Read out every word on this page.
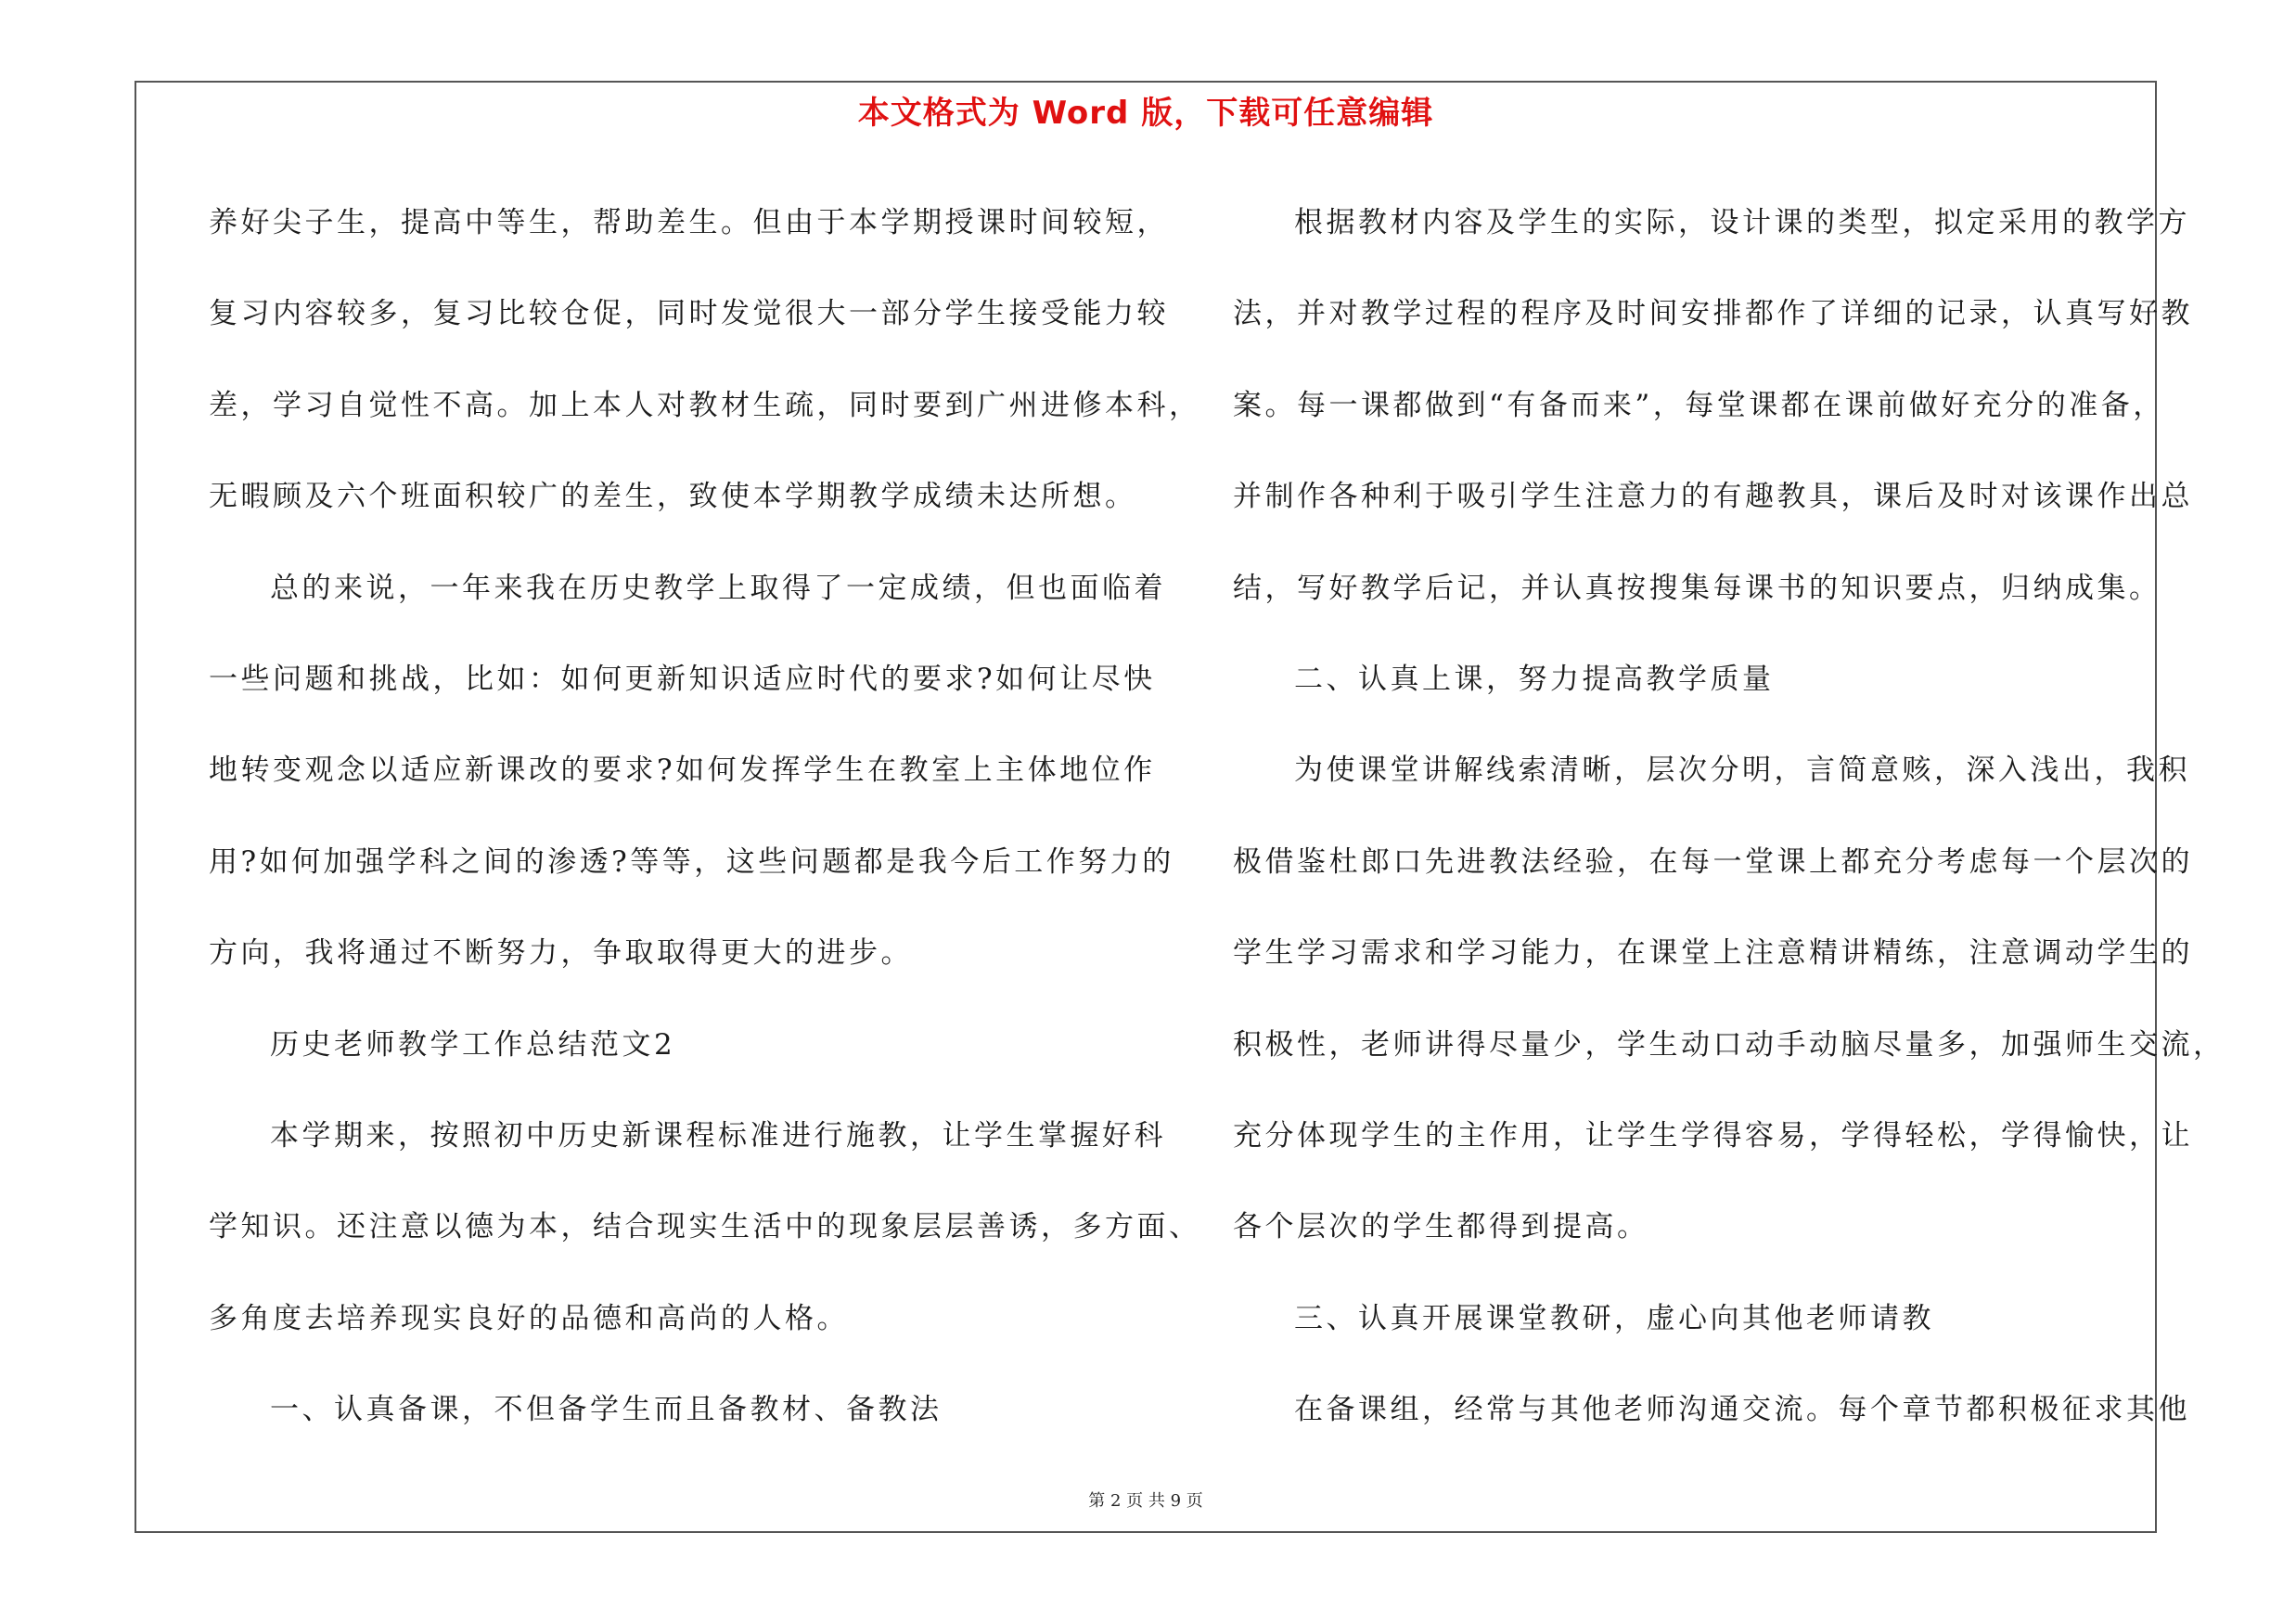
本文格式为 Word 版，下载可任意编辑
养好尖子生，提高中等生，帮助差生。但由于本学期授课时间较短，
复习内容较多，复习比较仓促，同时发觉很大一部分学生接受能力较
差，学习自觉性不高。加上本人对教材生疏，同时要到广州进修本科，
无暇顾及六个班面积较广的差生，致使本学期教学成绩未达所想。
总的来说，一年来我在历史教学上取得了一定成绩，但也面临着
一些问题和挑战，比如：如何更新知识适应时代的要求?如何让尽快
地转变观念以适应新课改的要求?如何发挥学生在教室上主体地位作
用?如何加强学科之间的渗透?等等，这些问题都是我今后工作努力的
方向，我将通过不断努力，争取取得更大的进步。
历史老师教学工作总结范文2
本学期来，按照初中历史新课程标准进行施教，让学生掌握好科
学知识。还注意以德为本，结合现实生活中的现象层层善诱，多方面、
多角度去培养现实良好的品德和高尚的人格。
一、认真备课，不但备学生而且备教材、备教法
根据教材内容及学生的实际，设计课的类型，拟定采用的教学方
法，并对教学过程的程序及时间安排都作了详细的记录，认真写好教
案。每一课都做到“有备而来”，每堂课都在课前做好充分的准备，
并制作各种利于吸引学生注意力的有趣教具，课后及时对该课作出总
结，写好教学后记，并认真按搜集每课书的知识要点，归纳成集。
二、认真上课，努力提高教学质量
为使课堂讲解线索清晰，层次分明，言简意赅，深入浅出，我积
极借鉴杜郎口先进教法经验，在每一堂课上都充分考虑每一个层次的
学生学习需求和学习能力，在课堂上注意精讲精练，注意调动学生的
积极性，老师讲得尽量少，学生动口动手动脑尽量多，加强师生交流，
充分体现学生的主作用，让学生学得容易，学得轻松，学得愉快，让
各个层次的学生都得到提高。
三、认真开展课堂教研，虚心向其他老师请教
在备课组，经常与其他老师沟通交流。每个章节都积极征求其他
第 2 页 共 9 页
